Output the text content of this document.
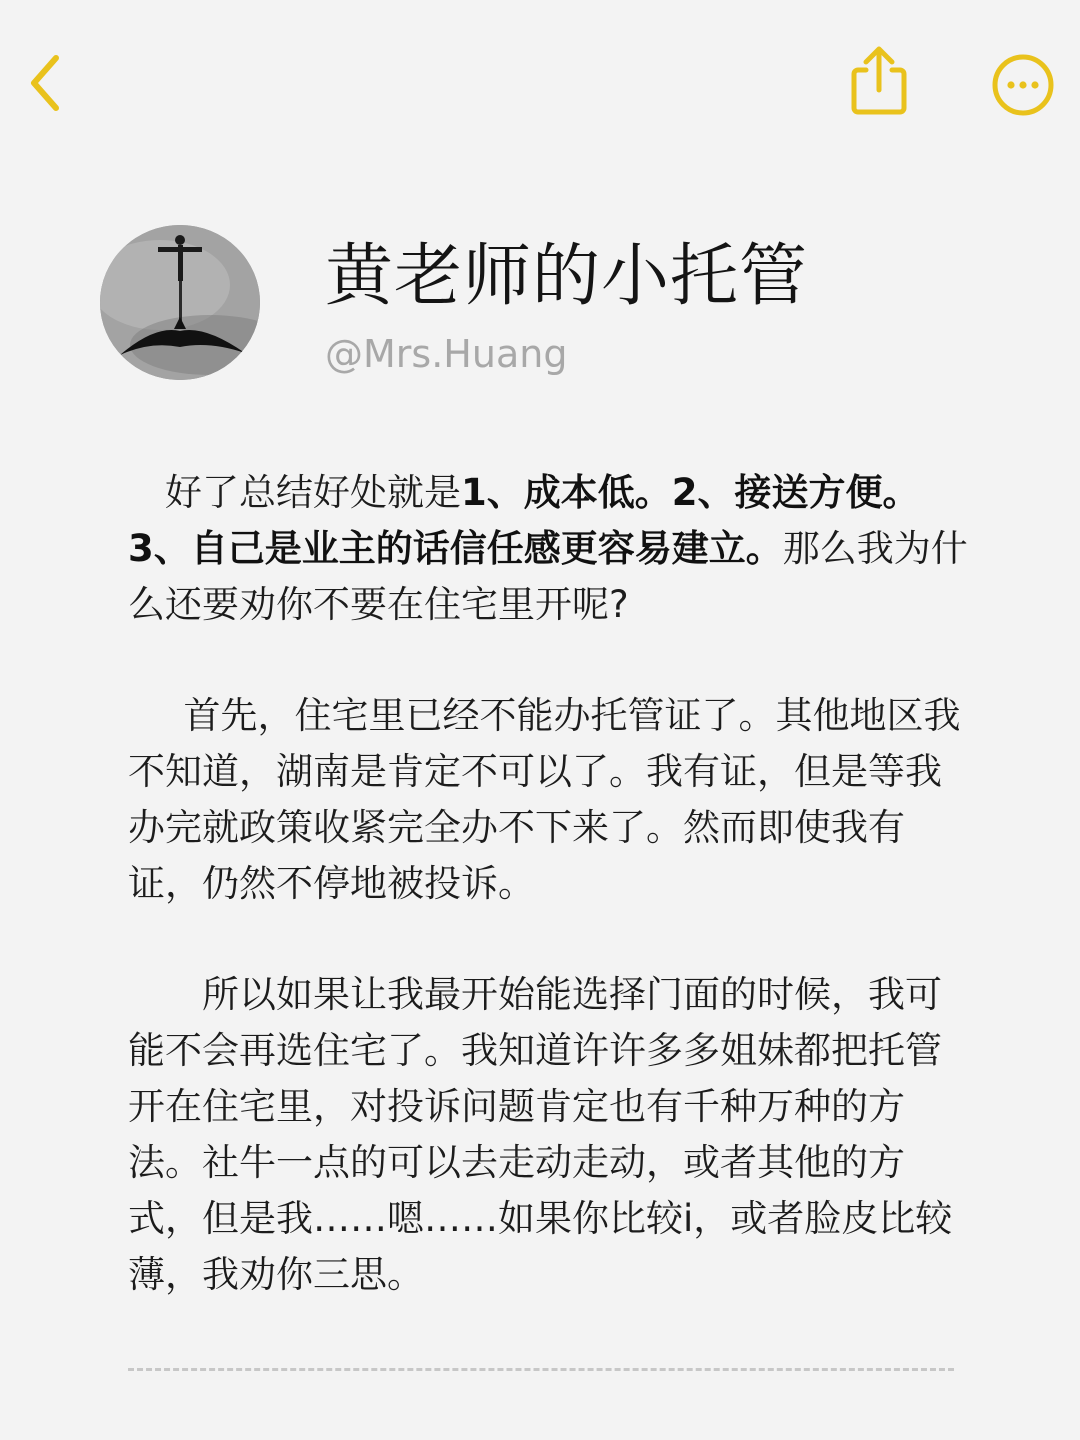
黄老师的小托管
@Mrs.Huang

 好了总结好处就是1、成本低。2、接送方便。3、自己是业主的话信任感更容易建立。那么我为什么还要劝你不要在住宅里开呢?

  首先，住宅里已经不能办托管证了。其他地区我不知道，湖南是肯定不可以了。我有证，但是等我办完就政策收紧完全办不下来了。然而即使我有证，仍然不停地被投诉。

  所以如果让我最开始能选择门面的时候，我可能不会再选住宅了。我知道许许多多姐妹都把托管开在住宅里，对投诉问题肯定也有千种万种的方法。社牛一点的可以去走动走动，或者其他的方式，但是我……嗯……如果你比较i，或者脸皮比较薄，我劝你三思。
